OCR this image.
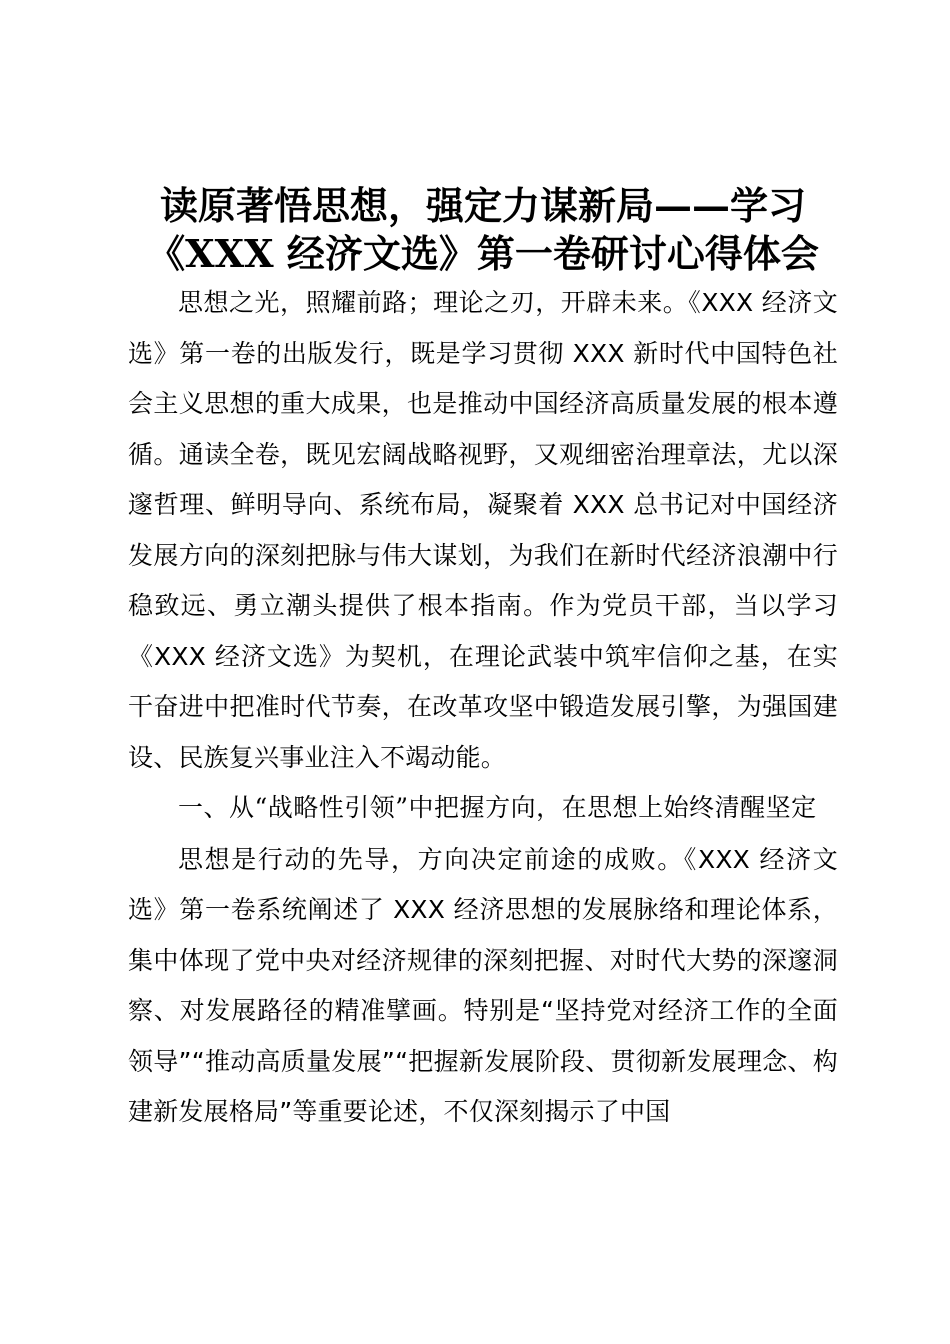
读原著悟思想，强定力谋新局——学习
《XXX 经济文选》第一卷研讨心得体会

思想之光，照耀前路；理论之刃，开辟未来。《XXX 经济文选》第一卷的出版发行，既是学习贯彻 XXX 新时代中国特色社会主义思想的重大成果，也是推动中国经济高质量发展的根本遵循。通读全卷，既见宏阔战略视野，又观细密治理章法，尤以深邃哲理、鲜明导向、系统布局，凝聚着 XXX 总书记对中国经济发展方向的深刻把脉与伟大谋划，为我们在新时代经济浪潮中行稳致远、勇立潮头提供了根本指南。作为党员干部，当以学习《XXX 经济文选》为契机，在理论武装中筑牢信仰之基，在实干奋进中把准时代节奏，在改革攻坚中锻造发展引擎，为强国建设、民族复兴事业注入不竭动能。

一、从“战略性引领”中把握方向，在思想上始终清醒坚定

思想是行动的先导，方向决定前途的成败。《XXX 经济文选》第一卷系统阐述了 XXX 经济思想的发展脉络和理论体系，集中体现了党中央对经济规律的深刻把握、对时代大势的深邃洞察、对发展路径的精准擘画。特别是“坚持党对经济工作的全面领导”“推动高质量发展”“把握新发展阶段、贯彻新发展理念、构建新发展格局”等重要论述，不仅深刻揭示了中国
